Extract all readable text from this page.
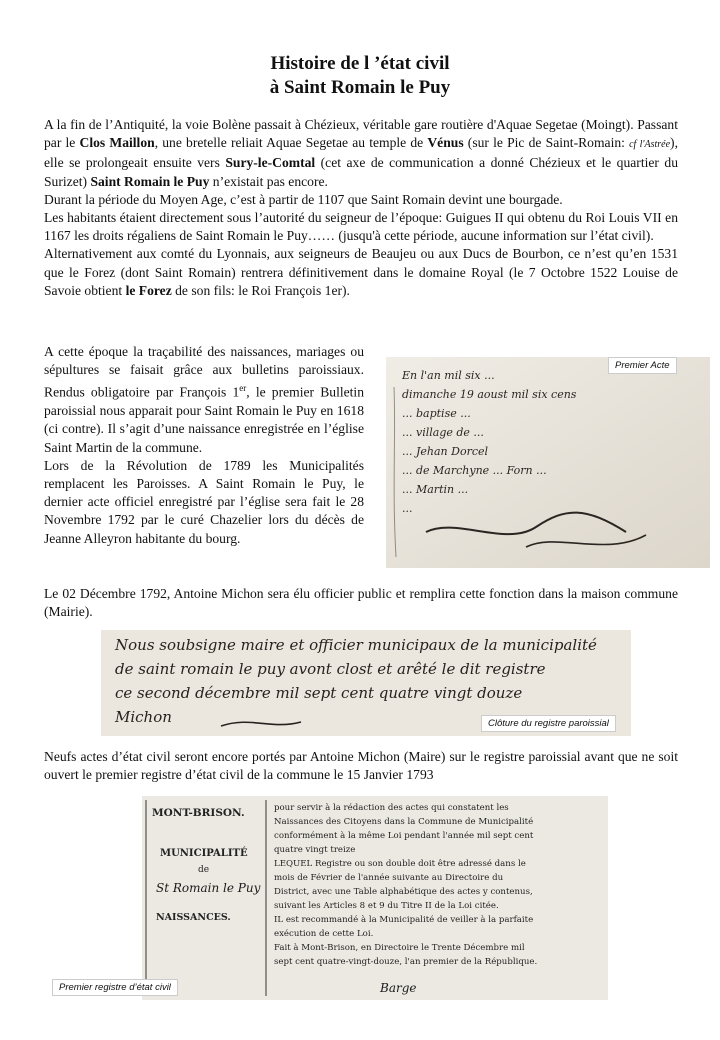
Histoire de l ’état civil
à Saint Romain le Puy
A la fin de l’Antiquité, la voie Bolène passait à Chézieux, véritable gare routière d'Aquae Segetae (Moingt). Passant par le Clos Maillon, une bretelle reliait Aquae Segetae au temple de Vénus (sur le Pic de Saint-Romain: cf l'Astrée), elle se prolongeait ensuite vers Sury-le-Comtal (cet axe de communication a donné Chézieux et le quartier du Surizet) Saint Romain le Puy n’existait pas encore.
Durant la période du Moyen Age, c’est à partir de 1107 que Saint Romain devint une bourgade.
Les habitants étaient directement sous l’autorité du seigneur de l’époque: Guigues II qui obtenu du Roi Louis VII en 1167 les droits régaliens de Saint Romain le Puy…… (jusqu'à cette période, aucune information sur l’état civil).
Alternativement aux comté du Lyonnais, aux seigneurs de Beaujeu ou aux Ducs de Bourbon, ce n’est qu’en 1531 que le Forez (dont Saint Romain) rentrera définitivement dans le domaine Royal (le 7 Octobre 1522 Louise de Savoie obtient le Forez de son fils: le Roi François 1er).
A cette époque la traçabilité des naissances, mariages ou sépultures se faisait grâce aux bulletins paroissiaux. Rendus obligatoire par François 1er, le premier Bulletin paroissial nous apparait pour Saint Romain le Puy en 1618 (ci contre). Il s’agit d’une naissance enregistrée en l’église Saint Martin de la commune.
Lors de la Révolution de 1789 les Municipalités remplacent les Paroisses. A Saint Romain le Puy, le dernier acte officiel enregistré par l’église sera fait le 28 Novembre 1792 par le curé Chazelier lors du décès de Jeanne Alleyron habitante du bourg.
En l'an mil six ...
dimanche 19 aoust mil six cens
... baptise ...
... village de ...
... Jehan Dorcel
... de Marchyne ... Forn ...
... Martin ...
...
Premier Acte
Le 02 Décembre 1792, Antoine Michon sera élu officier public et remplira cette fonction dans la maison commune (Mairie).
Nous soubsigne maire et officier municipaux de la municipalité
de saint romain le puy avont clost et arêté le dit registre
ce second décembre mil sept cent quatre vingt douze
Michon	Clôture du registre paroissial
Neufs actes d’état civil seront encore portés par Antoine Michon (Maire) sur le registre paroissial avant que ne soit ouvert le premier registre d’état civil de la commune le 15 Janvier 1793
MONT-BRISON.
MUNICIPALITÉ
de
St Romain le Puy
NAISSANCES.
pour servir à la rédaction des actes qui constatent les
Naissances des Citoyens dans la Commune de Municipalité
conformément à la même Loi pendant l'année mil sept cent
quatre vingt treize
LEQUEL Registre ou son double doit être adressé dans le
mois de Février de l'année suivante au Directoire du
District, avec une Table alphabétique des actes y contenus,
suivant les Articles 8 et 9 du Titre II de la Loi citée.
IL est recommandé à la Municipalité de veiller à la parfaite
exécution de cette Loi.
Fait à Mont-Brison, en Directoire le Trente Décembre mil
sept cent quatre-vingt-douze, l'an premier de la République.
Barge
Premier registre d’état civil
